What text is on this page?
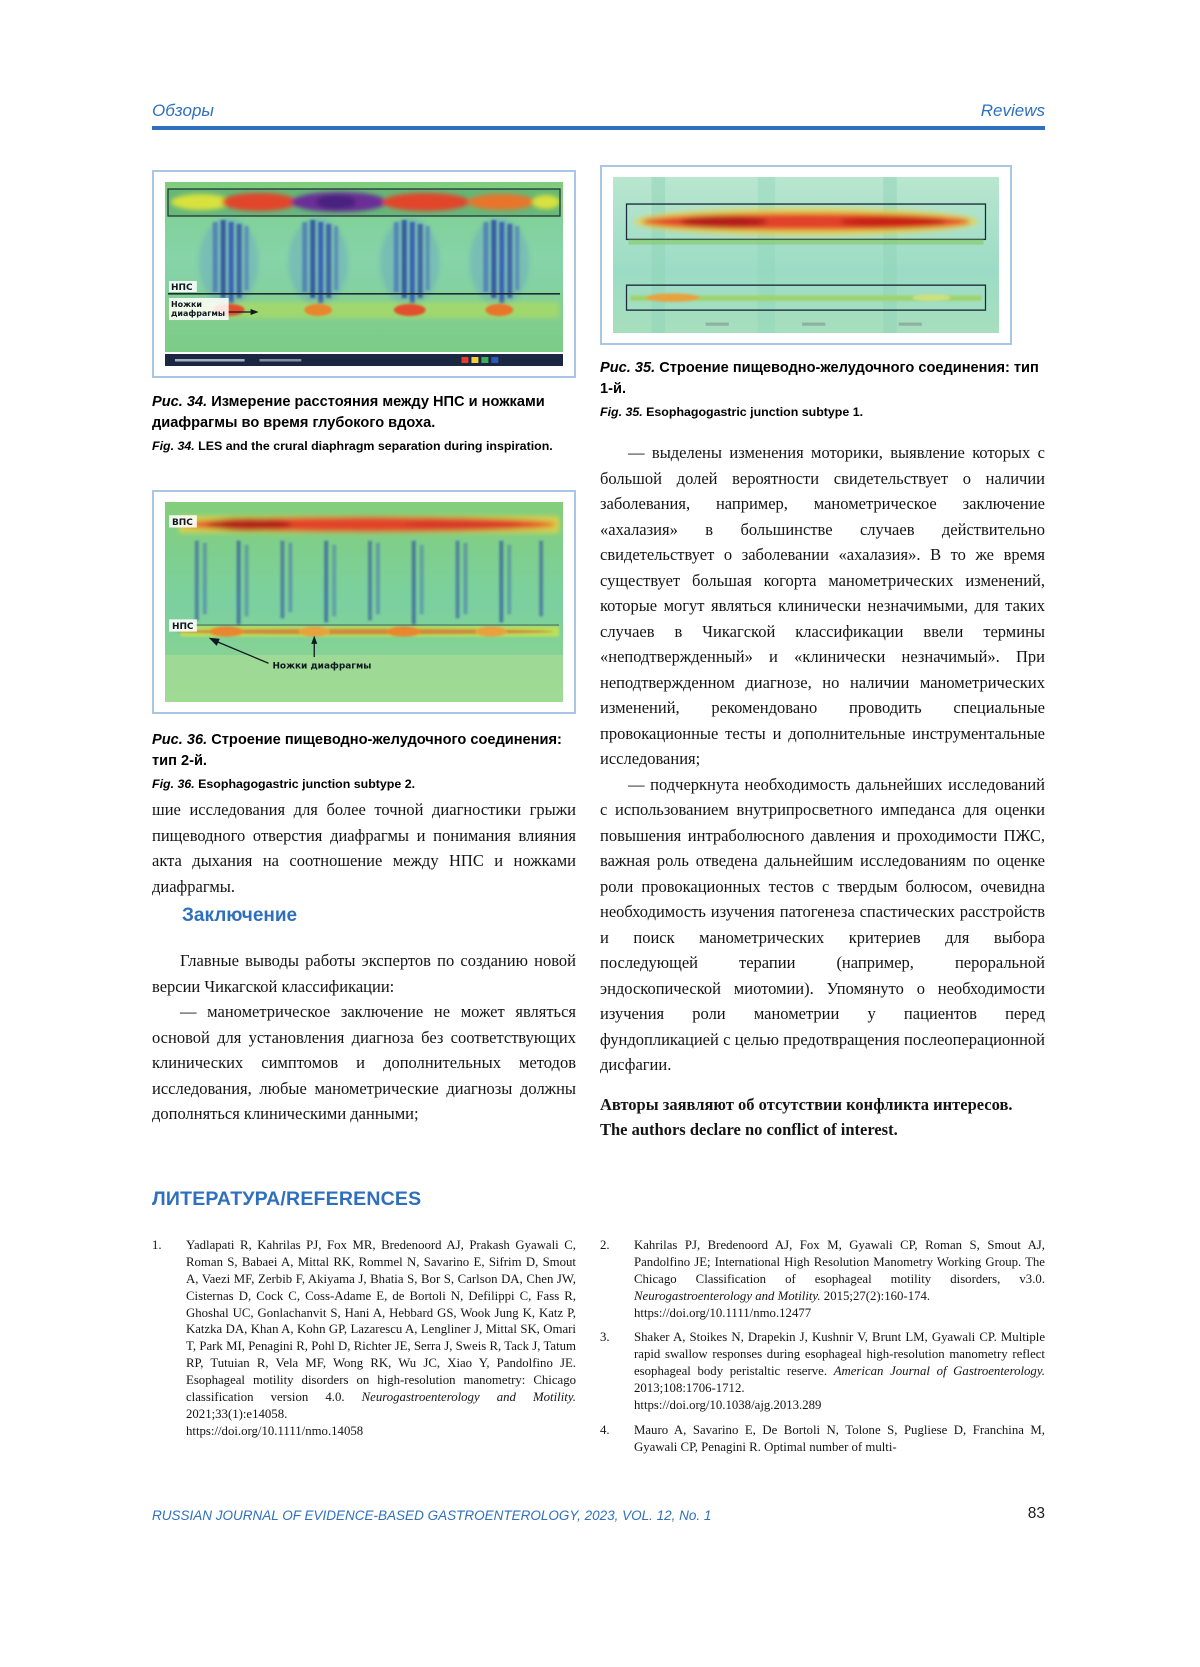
Обзоры	Reviews
НПС
Ножки
диафрагмы

Рис. 34. Измерение расстояния между НПС и ножками диафрагмы во время глубокого вдоха.

Fig. 34. LES and the crural diaphragm separation during inspiration.

Рис. 35. Строение пищеводно-желудочного соединения: тип 1-й.

Fig. 35. Esophagogastric junction subtype 1.

ВПС
НПС
Ножки диафрагмы

Рис. 36. Строение пищеводно-желудочного соединения: тип 2-й.

Fig. 36. Esophagogastric junction subtype 2.

шие исследования для более точной диагностики грыжи пищеводного отверстия диафрагмы и понимания влияния акта дыхания на соотношение между НПС и ножками диафрагмы.

Заключение

Главные выводы работы экспертов по созданию новой версии Чикагской классификации:

— манометрическое заключение не может являться основой для установления диагноза без соответствующих клинических симптомов и дополнительных методов исследования, любые манометрические диагнозы должны дополняться клиническими данными;

— выделены изменения моторики, выявление которых с большой долей вероятности свидетельствует о наличии заболевания, например, манометрическое заключение «ахалазия» в большинстве случаев действительно свидетельствует о заболевании «ахалазия». В то же время существует большая когорта манометрических изменений, которые могут являться клинически незначимыми, для таких случаев в Чикагской классификации ввели термины «неподтвержденный» и «клинически незначимый». При неподтвержденном диагнозе, но наличии манометрических изменений, рекомендовано проводить специальные провокационные тесты и дополнительные инструментальные исследования;

— подчеркнута необходимость дальнейших исследований с использованием внутрипросветного импеданса для оценки повышения интраболюсного давления и проходимости ПЖС, важная роль отведена дальнейшим исследованиям по оценке роли провокационных тестов с твердым болюсом, очевидна необходимость изучения патогенеза спастических расстройств и поиск манометрических критериев для выбора последующей терапии (например, пероральной эндоскопической миотомии). Упомянуто о необходимости изучения роли манометрии у пациентов перед фундопликацией с целью предотвращения послеоперационной дисфагии.

Авторы заявляют об отсутствии конфликта интересов.

The authors declare no conflict of interest.

ЛИТЕРАТУРА/REFERENCES
1.	Yadlapati R, Kahrilas PJ, Fox MR, Bredenoord AJ, Prakash Gyawali C, Roman S, Babaei A, Mittal RK, Rommel N, Savarino E, Sifrim D, Smout A, Vaezi MF, Zerbib F, Akiyama J, Bhatia S, Bor S, Carlson DA, Chen JW, Cisternas D, Cock C, Coss-Adame E, de Bortoli N, Defilippi C, Fass R, Ghoshal UC, Gonlachanvit S, Hani A, Hebbard GS, Wook Jung K, Katz P, Katzka DA, Khan A, Kohn GP, Lazarescu A, Lengliner J, Mittal SK, Omari T, Park MI, Penagini R, Pohl D, Richter JE, Serra J, Sweis R, Tack J, Tatum RP, Tutuian R, Vela MF, Wong RK, Wu JC, Xiao Y, Pandolfino JE. Esophageal motility disorders on high-resolution manometry: Chicago classification version 4.0. Neurogastroenterology and Motility. 2021;33(1):e14058.
https://doi.org/10.1111/nmo.14058
2.	Kahrilas PJ, Bredenoord AJ, Fox M, Gyawali CP, Roman S, Smout AJ, Pandolfino JE; International High Resolution Manometry Working Group. The Chicago Classification of esophageal motility disorders, v3.0. Neurogastroenterology and Motility. 2015;27(2):160-174.
https://doi.org/10.1111/nmo.12477
3.	Shaker A, Stoikes N, Drapekin J, Kushnir V, Brunt LM, Gyawali CP. Multiple rapid swallow responses during esophageal high-resolution manometry reflect esophageal body peristaltic reserve. American Journal of Gastroenterology. 2013;108:1706-1712.
https://doi.org/10.1038/ajg.2013.289
4.	Mauro A, Savarino E, De Bortoli N, Tolone S, Pugliese D, Franchina M, Gyawali CP, Penagini R. Optimal number of multi-
RUSSIAN JOURNAL OF EVIDENCE-BASED GASTROENTEROLOGY, 2023, VOL. 12, No. 1	83
